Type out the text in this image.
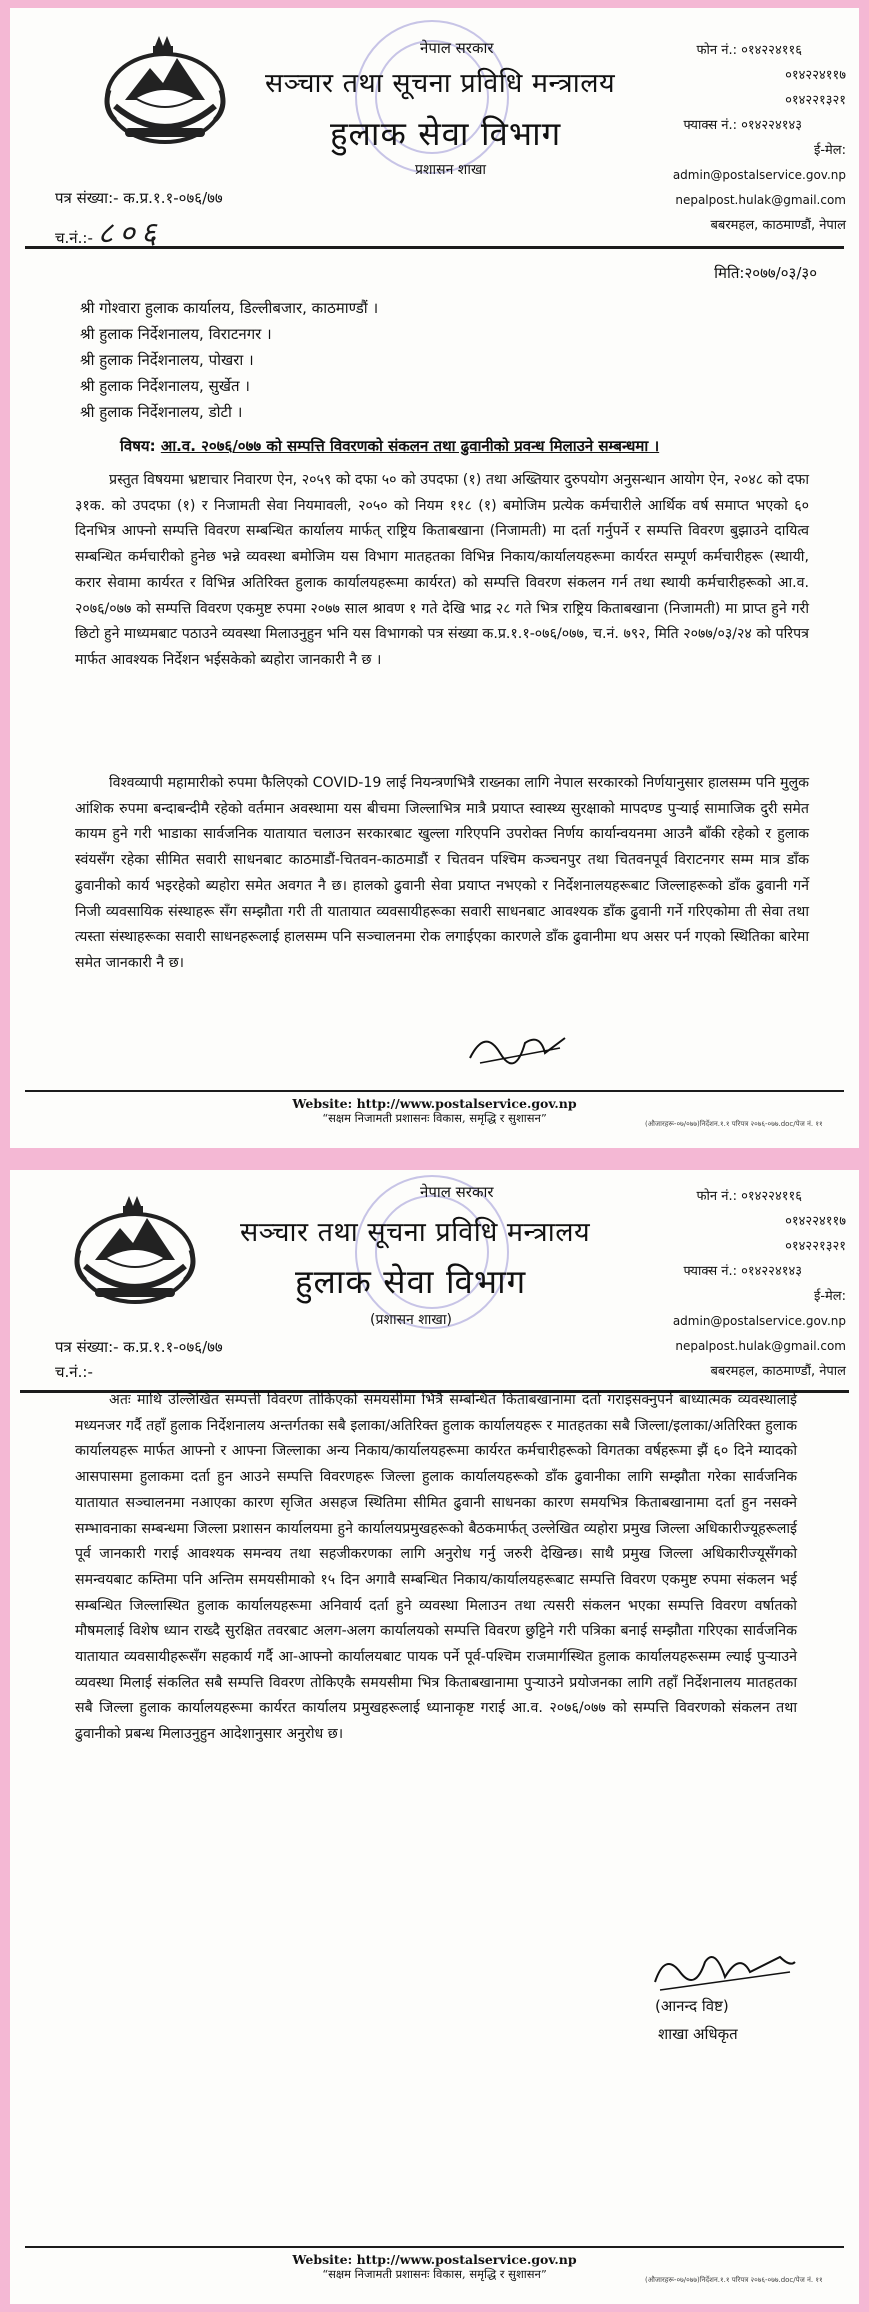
नेपाल सरकार
सञ्चार तथा सूचना प्रविधि मन्त्रालय
हुलाक सेवा विभाग
प्रशासन शाखा
फोन नं.: ०१४२२४११६
०१४२२४११७
०१४२२१३२१
फ्याक्स नं.: ०१४२२४१४३
ई-मेल:
admin@postalservice.gov.np
nepalpost.hulak@gmail.com
बबरमहल, काठमाण्डौं, नेपाल
पत्र संख्या:- क.प्र.१.१-०७६/७७
च.नं.:- ८०६
मिति:२०७७/०३/३०
श्री गोश्वारा हुलाक कार्यालय, डिल्लीबजार, काठमाण्डौं ।
श्री हुलाक निर्देशनालय, विराटनगर ।
श्री हुलाक निर्देशनालय, पोखरा ।
श्री हुलाक निर्देशनालय, सुर्खेत ।
श्री हुलाक निर्देशनालय, डोटी ।
विषय: आ.व. २०७६/०७७ को सम्पत्ति विवरणको संकलन तथा ढुवानीको प्रवन्ध मिलाउने सम्बन्धमा ।
प्रस्तुत विषयमा भ्रष्टाचार निवारण ऐन, २०५९ को दफा ५० को उपदफा (१) तथा अख्तियार दुरुपयोग अनुसन्धान आयोग ऐन, २०४८ को दफा ३१क. को उपदफा (१) र निजामती सेवा नियमावली, २०५० को नियम ११८ (१) बमोजिम प्रत्येक कर्मचारीले आर्थिक वर्ष समाप्त भएको ६० दिनभित्र आफ्नो सम्पत्ति विवरण सम्बन्धित कार्यालय मार्फत् राष्ट्रिय किताबखाना (निजामती) मा दर्ता गर्नुपर्ने र सम्पत्ति विवरण बुझाउने दायित्व सम्बन्धित कर्मचारीको हुनेछ भन्ने व्यवस्था बमोजिम यस विभाग मातहतका विभिन्न निकाय/कार्यालयहरूमा कार्यरत सम्पूर्ण कर्मचारीहरू (स्थायी, करार सेवामा कार्यरत र विभिन्न अतिरिक्त हुलाक कार्यालयहरूमा कार्यरत) को सम्पत्ति विवरण संकलन गर्न तथा स्थायी कर्मचारीहरूको आ.व. २०७६/०७७ को सम्पत्ति विवरण एकमुष्ट रुपमा २०७७ साल श्रावण १ गते देखि भाद्र २८ गते भित्र राष्ट्रिय किताबखाना (निजामती) मा प्राप्त हुने गरी छिटो हुने माध्यमबाट पठाउने व्यवस्था मिलाउनुहुन भनि यस विभागको पत्र संख्या क.प्र.१.१-०७६/०७७, च.नं. ७९२, मिति २०७७/०३/२४ को परिपत्र मार्फत आवश्यक निर्देशन भईसकेको ब्यहोरा जानकारी नै छ ।
विश्वव्यापी महामारीको रुपमा फैलिएको COVID-19 लाई नियन्त्रणभित्रै राख्नका लागि नेपाल सरकारको निर्णयानुसार हालसम्म पनि मुलुक आंशिक रुपमा बन्दाबन्दीमै रहेको वर्तमान अवस्थामा यस बीचमा जिल्लाभित्र मात्रै प्रयाप्त स्वास्थ्य सुरक्षाको मापदण्ड पुऱ्याई सामाजिक दुरी समेत कायम हुने गरी भाडाका सार्वजनिक यातायात चलाउन सरकारबाट खुल्ला गरिएपनि उपरोक्त निर्णय कार्यान्वयनमा आउनै बाँकी रहेको र हुलाक स्वंयसँग रहेका सीमित सवारी साधनबाट काठमाडौं-चितवन-काठमाडौं र चितवन पश्चिम कञ्चनपुर तथा चितवनपूर्व विराटनगर सम्म मात्र डाँक ढुवानीको कार्य भइरहेको ब्यहोरा समेत अवगत नै छ। हालको ढुवानी सेवा प्रयाप्त नभएको र निर्देशनालयहरूबाट जिल्लाहरूको डाँक ढुवानी गर्ने निजी व्यवसायिक संस्थाहरू सँग सम्झौता गरी ती यातायात व्यवसायीहरूका सवारी साधनबाट आवश्यक डाँक ढुवानी गर्ने गरिएकोमा ती सेवा तथा त्यस्ता संस्थाहरूका सवारी साधनहरूलाई हालसम्म पनि सञ्चालनमा रोक लगाईएका कारणले डाँक ढुवानीमा थप असर पर्न गएको स्थितिका बारेमा समेत जानकारी नै छ।
Website: http://www.postalservice.gov.np
“सक्षम निजामती प्रशासनः विकास, समृद्धि र सुशासन”	(औजारहरू-०७/०७७)निर्देशन.१.१ परिपत्र २०७६-०७७.doc/पेज नं. ११
नेपाल सरकार
सञ्चार तथा सूचना प्रविधि मन्त्रालय
हुलाक सेवा विभाग
(प्रशासन शाखा)
फोन नं.: ०१४२२४११६
०१४२२४११७
०१४२२१३२१
फ्याक्स नं.: ०१४२२४१४३
ई-मेल:
admin@postalservice.gov.np
nepalpost.hulak@gmail.com
बबरमहल, काठमाण्डौं, नेपाल
पत्र संख्या:- क.प्र.१.१-०७६/७७
च.नं.:-
अतः माथि उल्लिखित सम्पत्ती विवरण तोकिएको समयसीमा भित्रै सम्बन्धित किताबखानामा दर्ता गराइसक्नुपर्ने बाध्यात्मक व्यवस्थालाई मध्यनजर गर्दै तहाँ हुलाक निर्देशनालय अन्तर्गतका सबै इलाका/अतिरिक्त हुलाक कार्यालयहरू र मातहतका सबै जिल्ला/इलाका/अतिरिक्त हुलाक कार्यालयहरू मार्फत आफ्नो र आफ्ना जिल्लाका अन्य निकाय/कार्यालयहरूमा कार्यरत कर्मचारीहरूको विगतका वर्षहरूमा झैं ६० दिने म्यादको आसपासमा हुलाकमा दर्ता हुन आउने सम्पत्ति विवरणहरू जिल्ला हुलाक कार्यालयहरूको डाँक ढुवानीका लागि सम्झौता गरेका सार्वजनिक यातायात सञ्चालनमा नआएका कारण सृजित असहज स्थितिमा सीमित ढुवानी साधनका कारण समयभित्र किताबखानामा दर्ता हुन नसक्ने सम्भावनाका सम्बन्धमा जिल्ला प्रशासन कार्यालयमा हुने कार्यालयप्रमुखहरूको बैठकमार्फत् उल्लेखित व्यहोरा प्रमुख जिल्ला अधिकारीज्यूहरूलाई पूर्व जानकारी गराई आवश्यक समन्वय तथा सहजीकरणका लागि अनुरोध गर्नु जरुरी देखिन्छ। साथै प्रमुख जिल्ला अधिकारीज्यूसँगको समन्वयबाट कम्तिमा पनि अन्तिम समयसीमाको १५ दिन अगावै सम्बन्धित निकाय/कार्यालयहरूबाट सम्पत्ति विवरण एकमुष्ट रुपमा संकलन भई सम्बन्धित जिल्लास्थित हुलाक कार्यालयहरूमा अनिवार्य दर्ता हुने व्यवस्था मिलाउन तथा त्यसरी संकलन भएका सम्पत्ति विवरण वर्षातको मौषमलाई विशेष ध्यान राख्दै सुरक्षित तवरबाट अलग-अलग कार्यालयको सम्पत्ति विवरण छुट्टिने गरी पत्रिका बनाई सम्झौता गरिएका सार्वजनिक यातायात व्यवसायीहरूसँग सहकार्य गर्दै आ-आफ्नो कार्यालयबाट पायक पर्ने पूर्व-पश्चिम राजमार्गस्थित हुलाक कार्यालयहरूसम्म ल्याई पुऱ्याउने व्यवस्था मिलाई संकलित सबै सम्पत्ति विवरण तोकिएकै समयसीमा भित्र किताबखानामा पुऱ्याउने प्रयोजनका लागि तहाँ निर्देशनालय मातहतका सबै जिल्ला हुलाक कार्यालयहरूमा कार्यरत कार्यालय प्रमुखहरूलाई ध्यानाकृष्ट गराई आ.व. २०७६/०७७ को सम्पत्ति विवरणको संकलन तथा ढुवानीको प्रबन्ध मिलाउनुहुन आदेशानुसार अनुरोध छ।
(आनन्द विष्ट)
शाखा अधिकृत
Website: http://www.postalservice.gov.np
“सक्षम निजामती प्रशासनः विकास, समृद्धि र सुशासन”	(औजारहरू-०७/०७७)निर्देशन.१.१ परिपत्र २०७६-०७७.doc/पेज नं. ११
